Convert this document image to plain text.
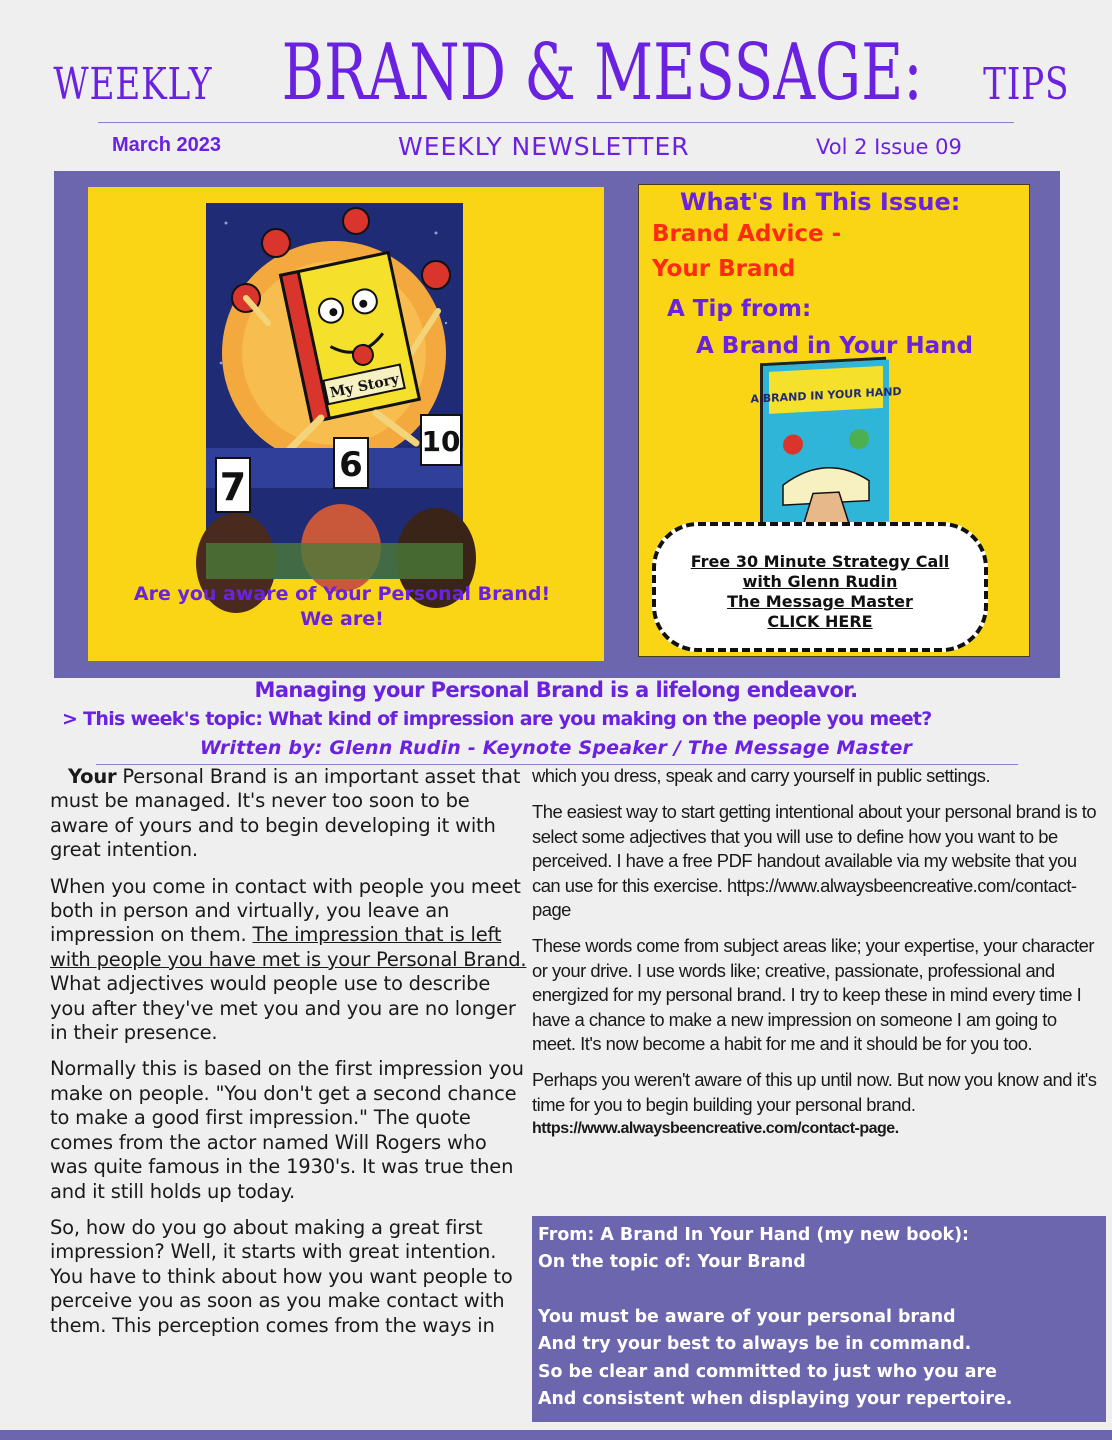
WEEKLY BRAND & MESSAGE: TIPS
March 2023	WEEKLY NEWSLETTER	Vol 2 Issue 09
My Story
7	6
10
Are you aware of Your Personal Brand!
We are!
What's In This Issue:
Brand Advice -
Your Brand
A Tip from:
A Brand in Your Hand
A BRAND IN YOUR HAND
Free 30 Minute Strategy Call
with Glenn Rudin
The Message Master
CLICK HERE
Managing your Personal Brand is a lifelong endeavor.
> This week's topic: What kind of impression are you making on the people you meet?
Written by: Glenn Rudin - Keynote Speaker / The Message Master

Your Personal Brand is an important asset that must be managed. It's never too soon to be aware of yours and to begin developing it with great intention.

When you come in contact with people you meet both in person and virtually, you leave an impression on them. The impression that is left with people you have met is your Personal Brand. What adjectives would people use to describe you after they've met you and you are no longer in their presence.

Normally this is based on the first impression you make on people. "You don't get a second chance to make a good first impression." The quote comes from the actor named Will Rogers who was quite famous in the 1930's. It was true then and it still holds up today.

So, how do you go about making a great first impression? Well, it starts with great intention. You have to think about how you want people to perceive you as soon as you make contact with them. This perception comes from the ways in

which you dress, speak and carry yourself in public settings.

The easiest way to start getting intentional about your personal brand is to select some adjectives that you will use to define how you want to be perceived. I have a free PDF handout available via my website that you can use for this exercise. https://www.alwaysbeencreative.com/contact-page

These words come from subject areas like; your expertise, your character or your drive. I use words like; creative, passionate, professional and energized for my personal brand. I try to keep these in mind every time I have a chance to make a new impression on someone I am going to meet. It's now become a habit for me and it should be for you too.

Perhaps you weren't aware of this up until now. But now you know and it's time for you to begin building your personal brand.

https://www.alwaysbeencreative.com/contact-page.

From: A Brand In Your Hand (my new book):
On the topic of: Your Brand
You must be aware of your personal brand
And try your best to always be in command.
So be clear and committed to just who you are
And consistent when displaying your repertoire.
